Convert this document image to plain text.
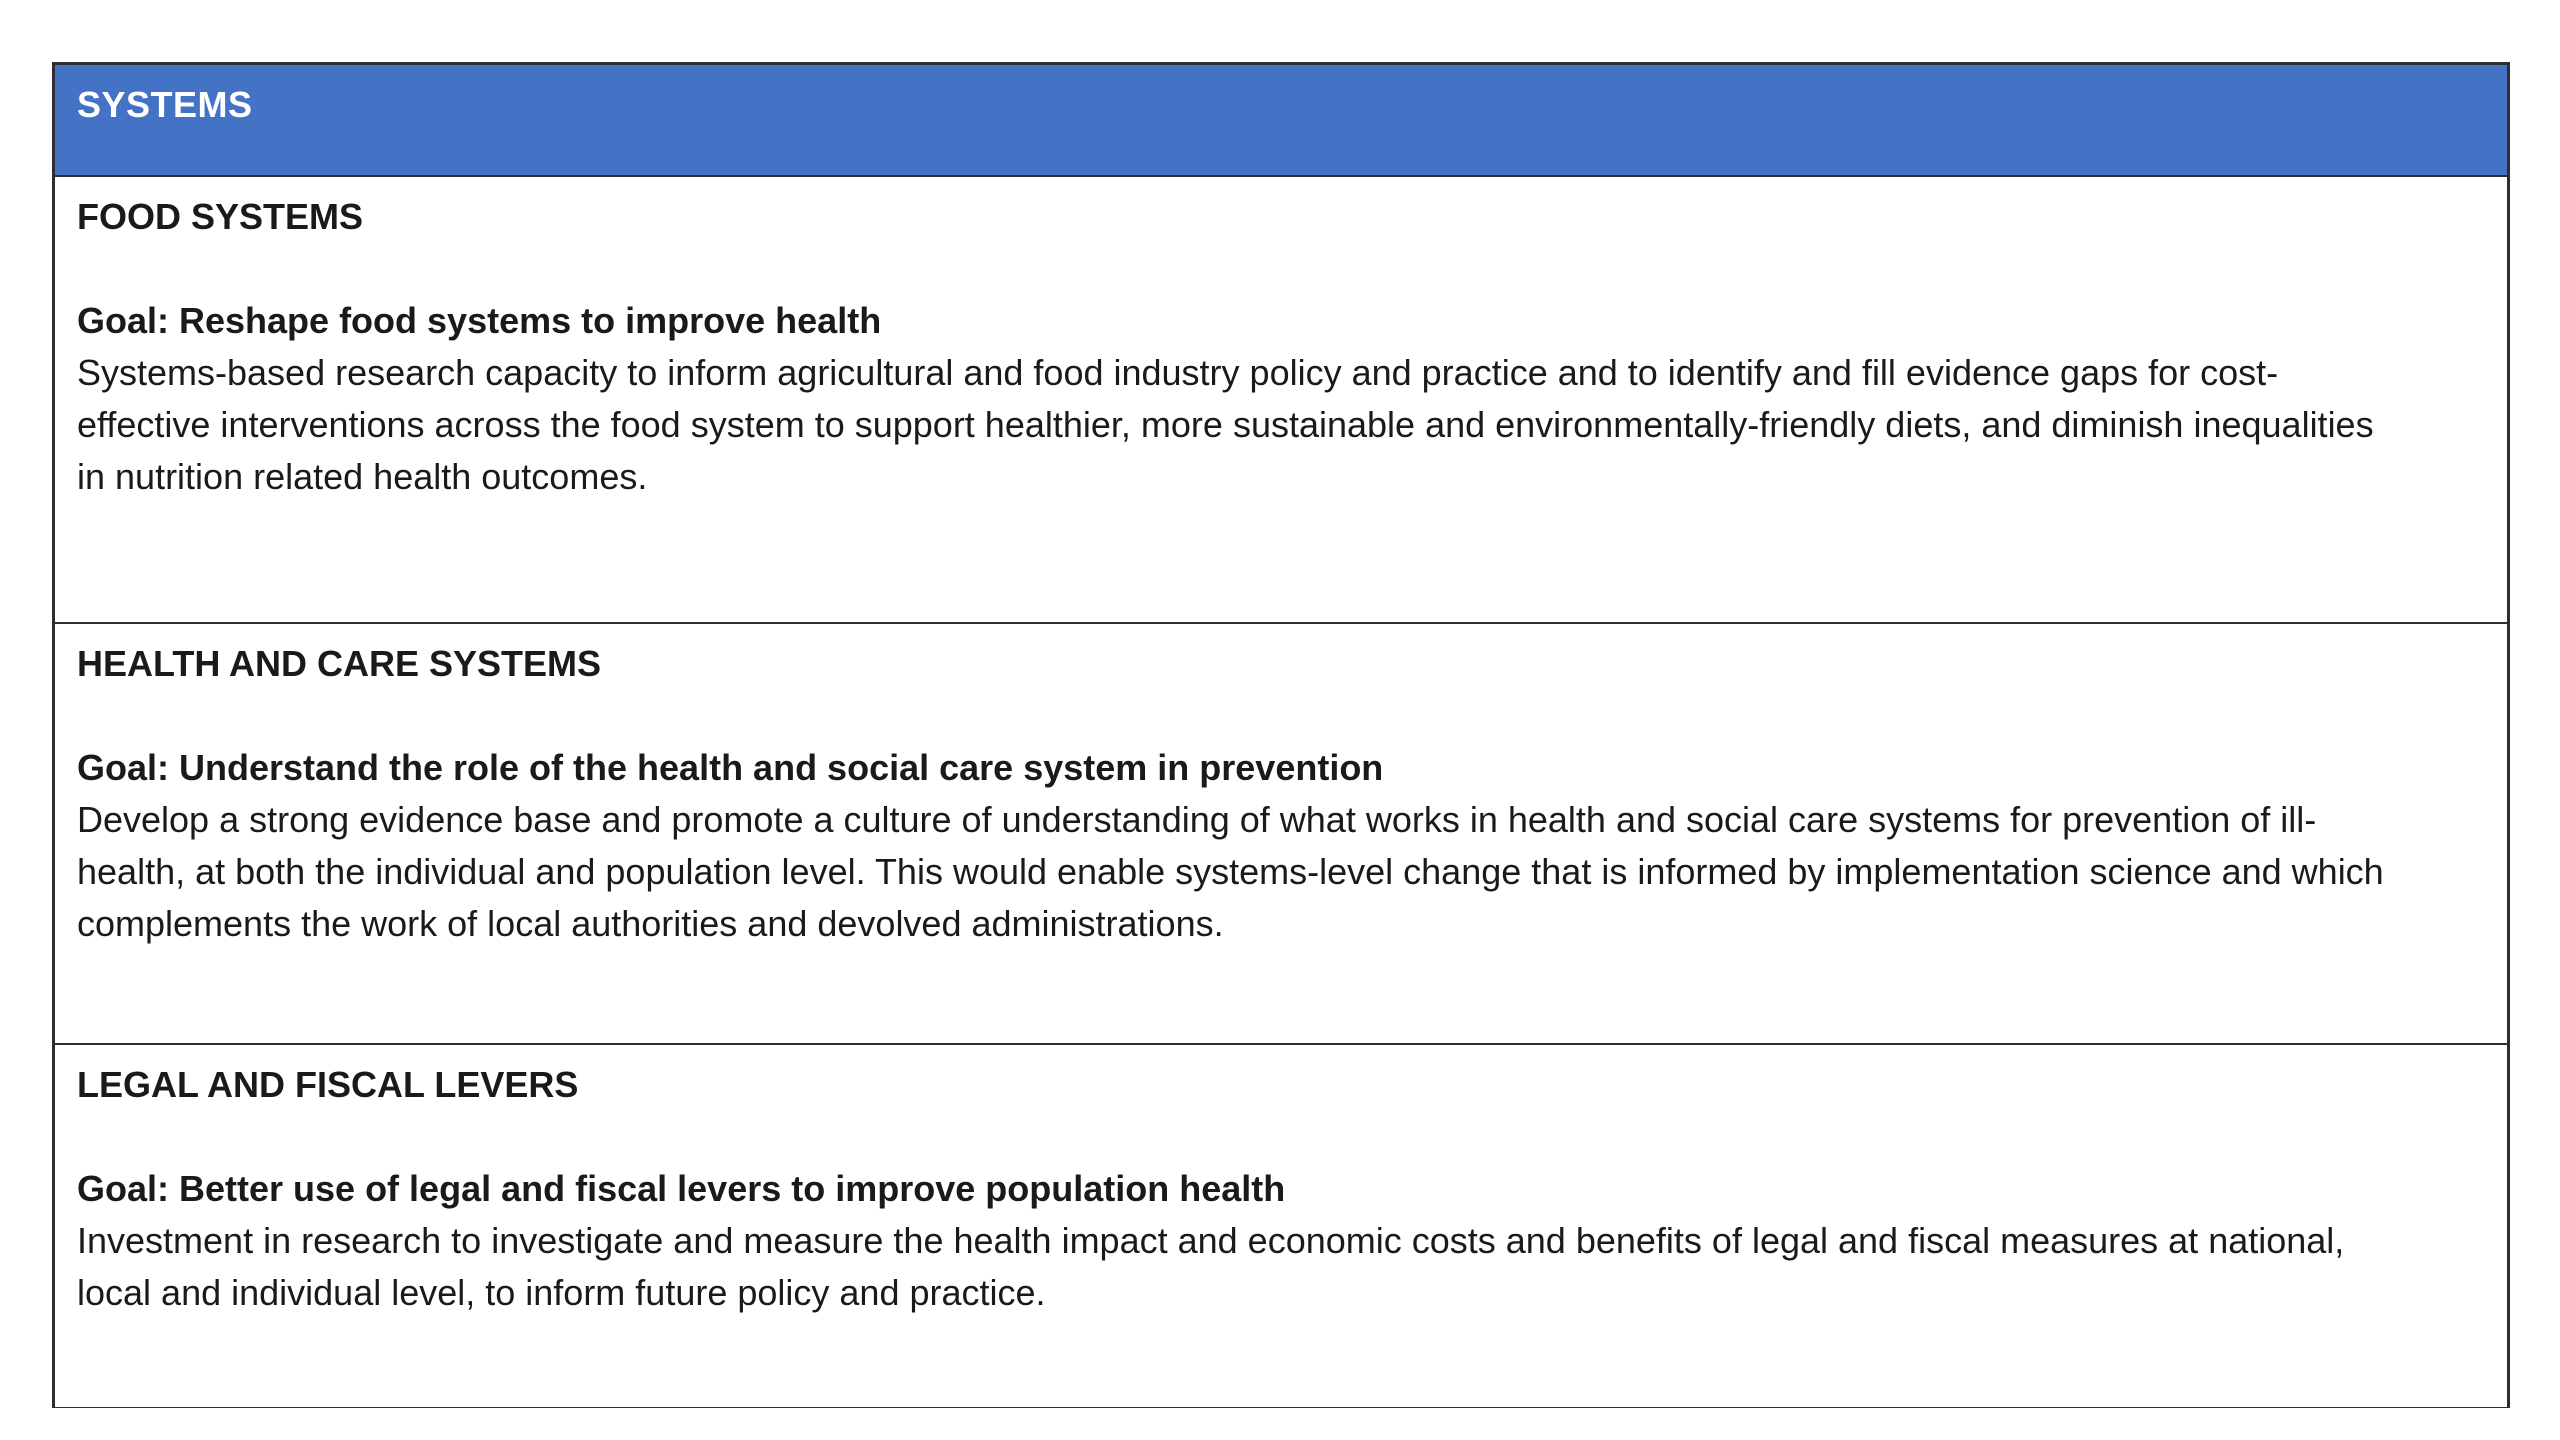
SYSTEMS
FOOD SYSTEMS
Goal: Reshape food systems to improve health
Systems-based research capacity to inform agricultural and food industry policy and practice and to identify and fill evidence gaps for cost-effective interventions across the food system to support healthier, more sustainable and environmentally-friendly diets, and diminish inequalities in nutrition related health outcomes.
HEALTH AND CARE SYSTEMS
Goal: Understand the role of the health and social care system in prevention
Develop a strong evidence base and promote a culture of understanding of what works in health and social care systems for prevention of ill-health, at both the individual and population level. This would enable systems-level change that is informed by implementation science and which complements the work of local authorities and devolved administrations.
LEGAL AND FISCAL LEVERS
Goal: Better use of legal and fiscal levers to improve population health
Investment in research to investigate and measure the health impact and economic costs and benefits of legal and fiscal measures at national, local and individual level, to inform future policy and practice.
